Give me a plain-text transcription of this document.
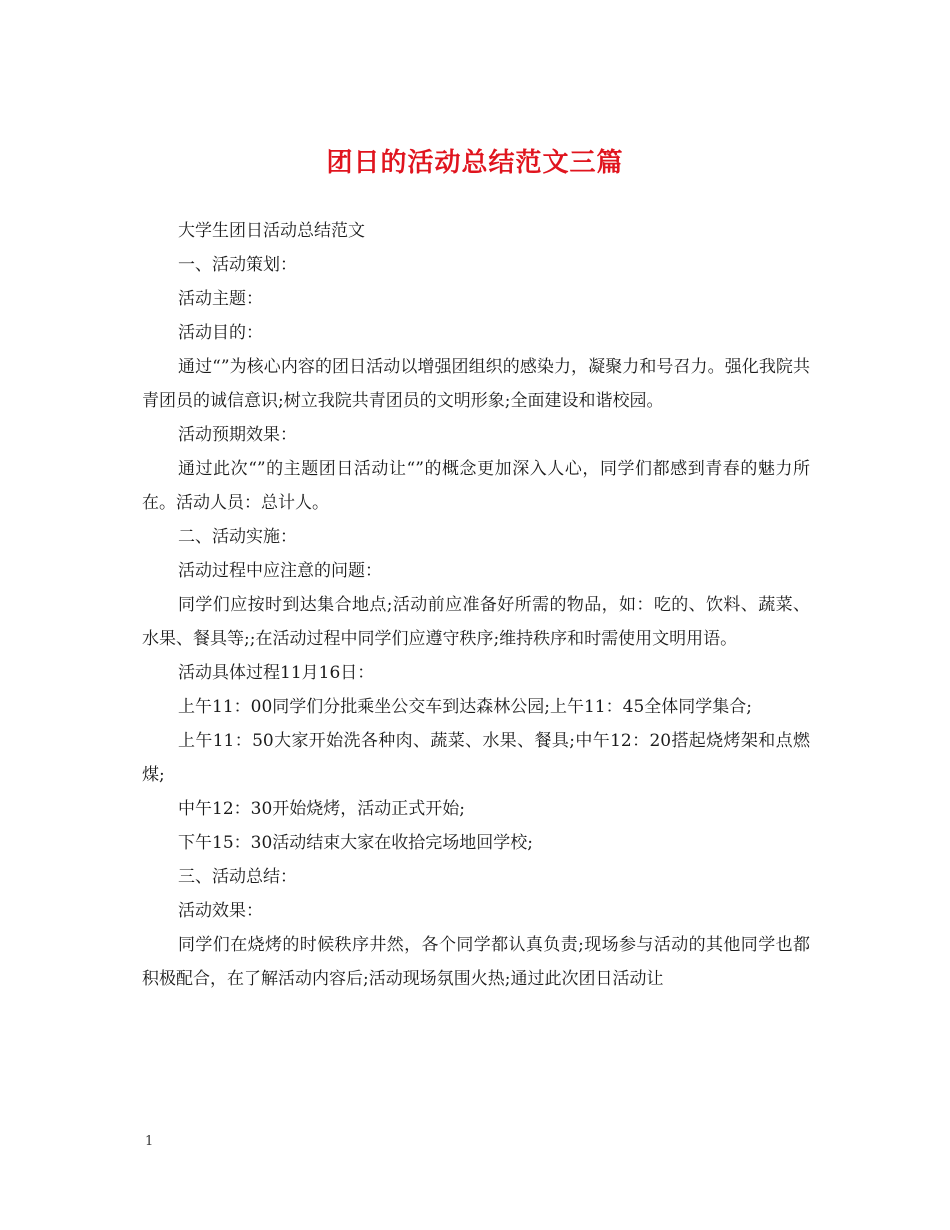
团日的活动总结范文三篇

大学生团日活动总结范文

一、活动策划：

活动主题：

活动目的：

通过“”为核心内容的团日活动以增强团组织的感染力，凝聚力和号召力。强化我院共青团员的诚信意识;树立我院共青团员的文明形象;全面建设和谐校园。

活动预期效果：

通过此次“”的主题团日活动让“”的概念更加深入人心，同学们都感到青春的魅力所在。活动人员：总计人。

二、活动实施：

活动过程中应注意的问题：

同学们应按时到达集合地点;活动前应准备好所需的物品，如：吃的、饮料、蔬菜、水果、餐具等;;在活动过程中同学们应遵守秩序;维持秩序和时需使用文明用语。

活动具体过程11月16日：

上午11：00同学们分批乘坐公交车到达森林公园;上午11：45全体同学集合;

上午11：50大家开始洗各种肉、蔬菜、水果、餐具;中午12：20搭起烧烤架和点燃煤;

中午12：30开始烧烤，活动正式开始;

下午15：30活动结束大家在收拾完场地回学校;

三、活动总结：

活动效果：

同学们在烧烤的时候秩序井然，各个同学都认真负责;现场参与活动的其他同学也都积极配合，在了解活动内容后;活动现场氛围火热;通过此次团日活动让

1
